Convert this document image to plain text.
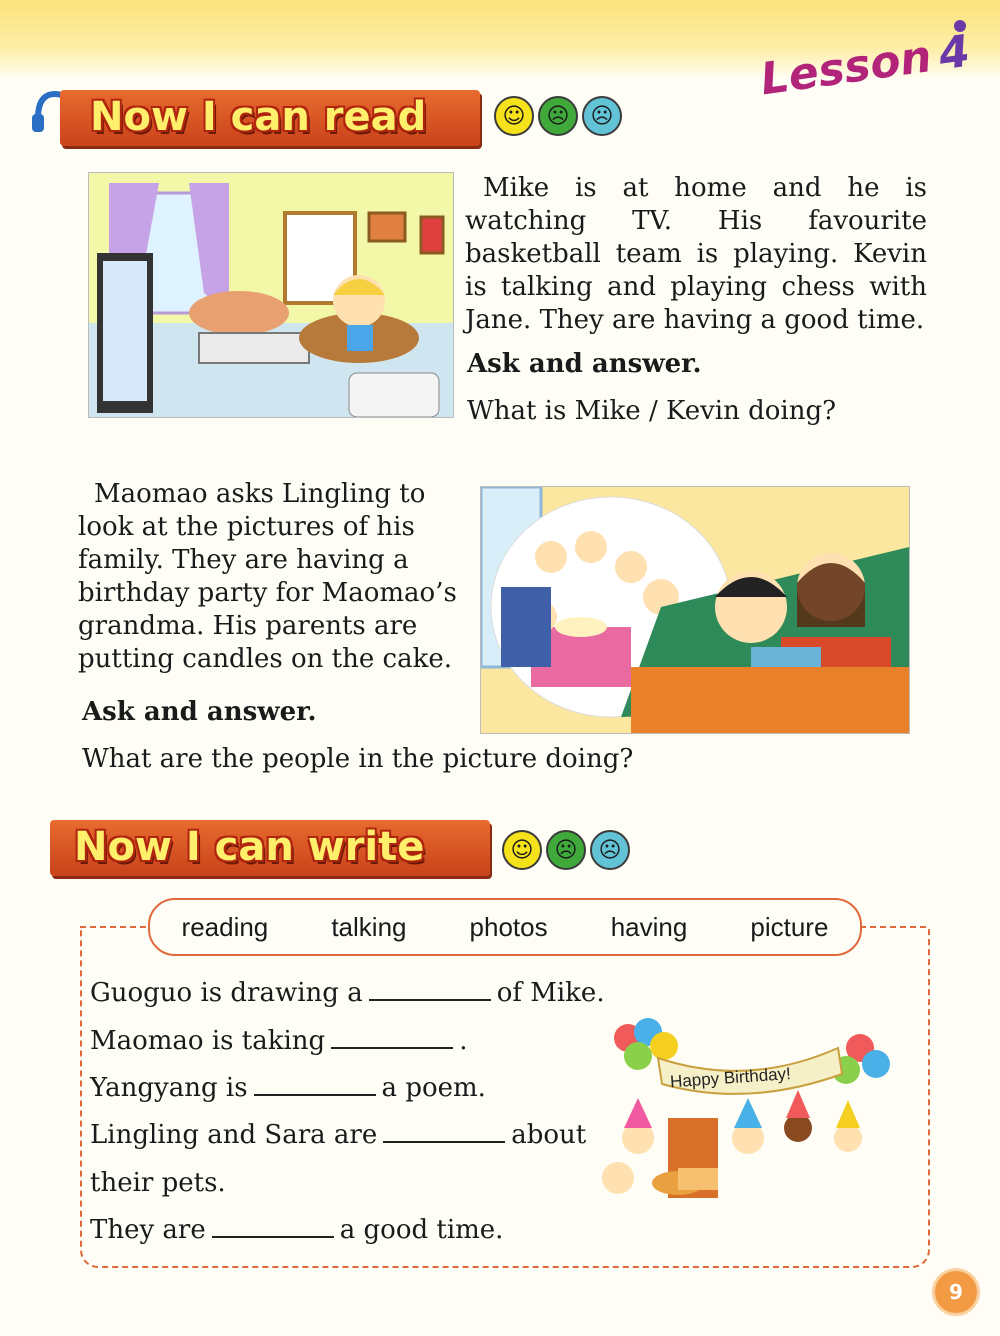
Lesson4
Now I can read	☺ ☹ ☹
Mike is at home and he is watching TV. His favourite basketball team is playing. Kevin is talking and playing chess with Jane. They are having a good time.
Ask and answer.
What is Mike / Kevin doing?
Maomao asks Lingling to look at the pictures of his family. They are having a birthday party for Maomao’s grandma. His parents are putting candles on the cake.
Ask and answer.
What are the people in the picture doing?
Now I can write	☺ ☹ ☹
reading talking photos having picture
Guoguo is drawing a	of Mike.
Maomao is taking	.
Yangyang is	a poem.
Lingling and Sara are	about
their pets.
They are	a good time.
Happy Birthday!
9
